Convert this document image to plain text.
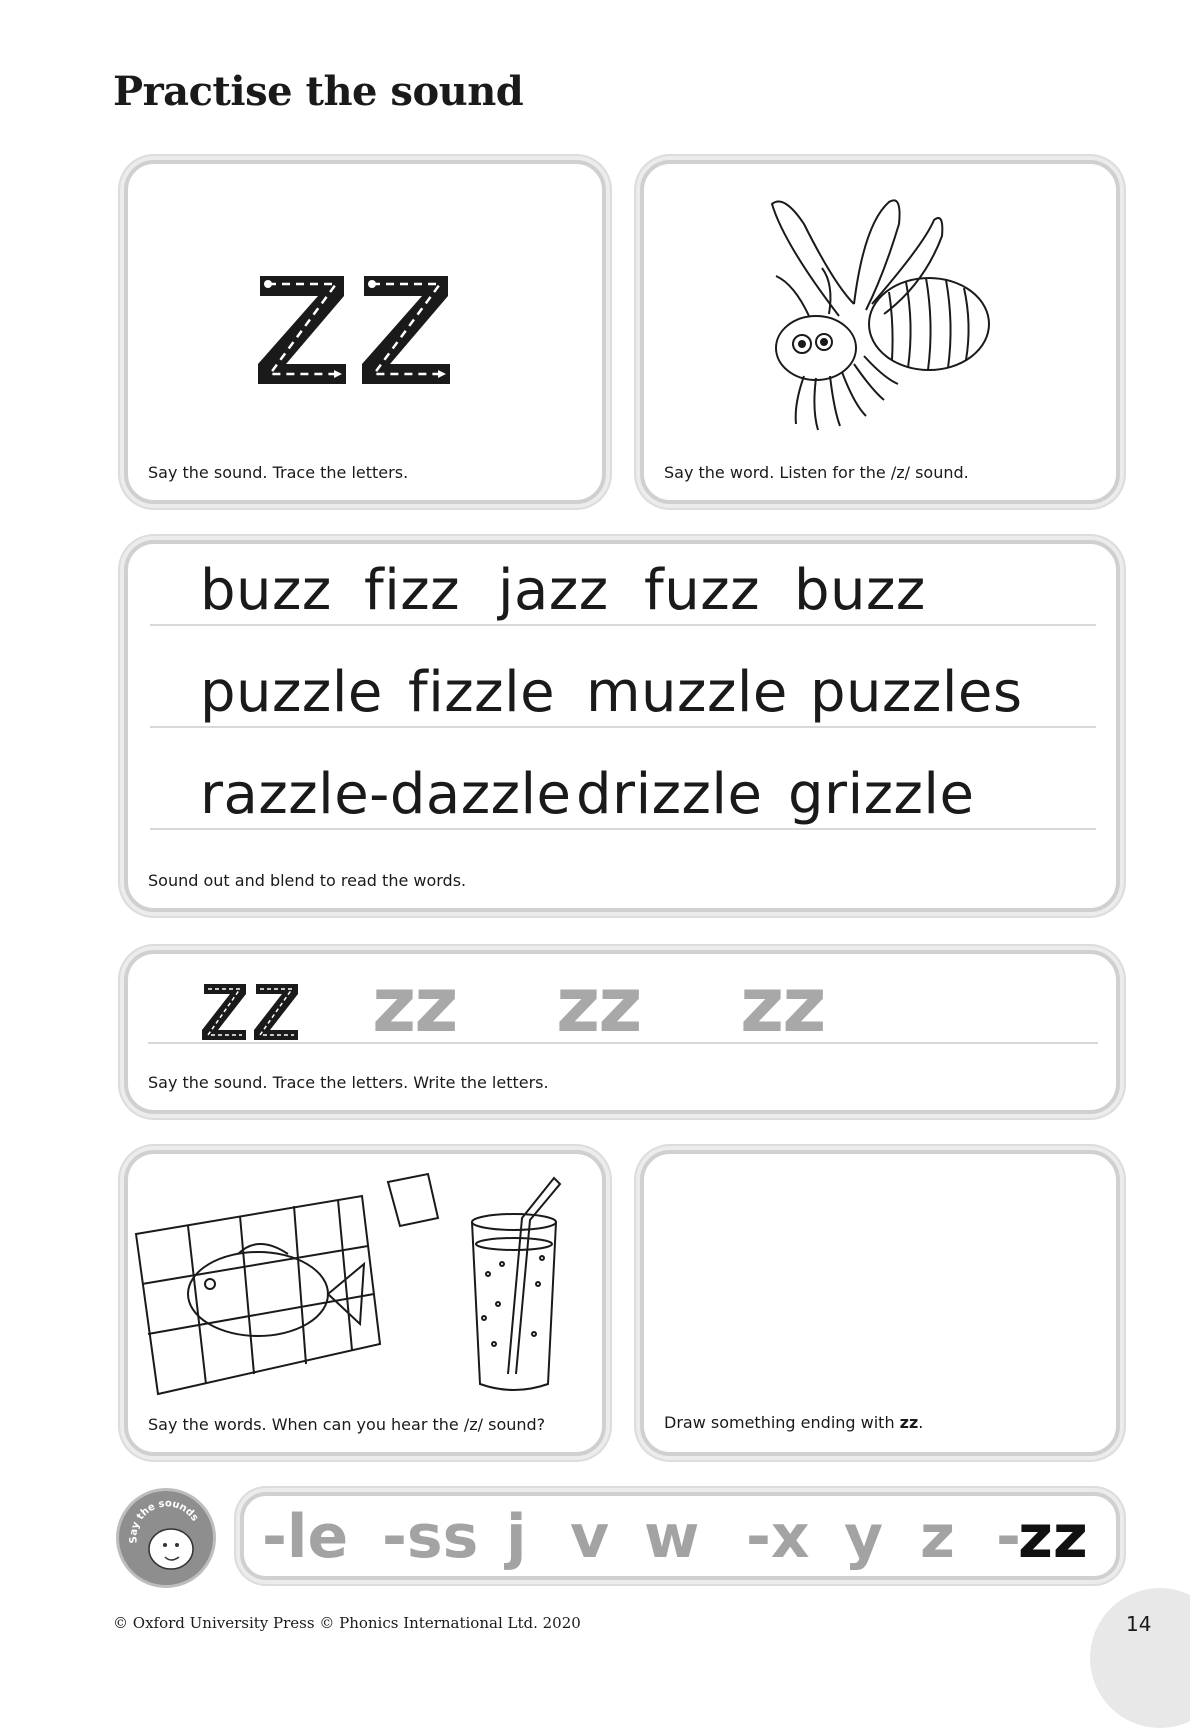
Practise the sound
Say the sound. Trace the letters.	Say the word. Listen for the /z/ sound.
buzz fizz jazz fuzz buzz
puzzle fizzle muzzle puzzles
razzle-dazzle drizzle grizzle
Sound out and blend to read the words.
zz zz zz
Say the sound. Trace the letters. Write the letters.
Say the words. When can you hear the /z/ sound?	Draw something ending with zz.
Say the sounds -le -ss j v w -x y z -
zz
© Oxford University Press © Phonics International Ltd. 2020	14
